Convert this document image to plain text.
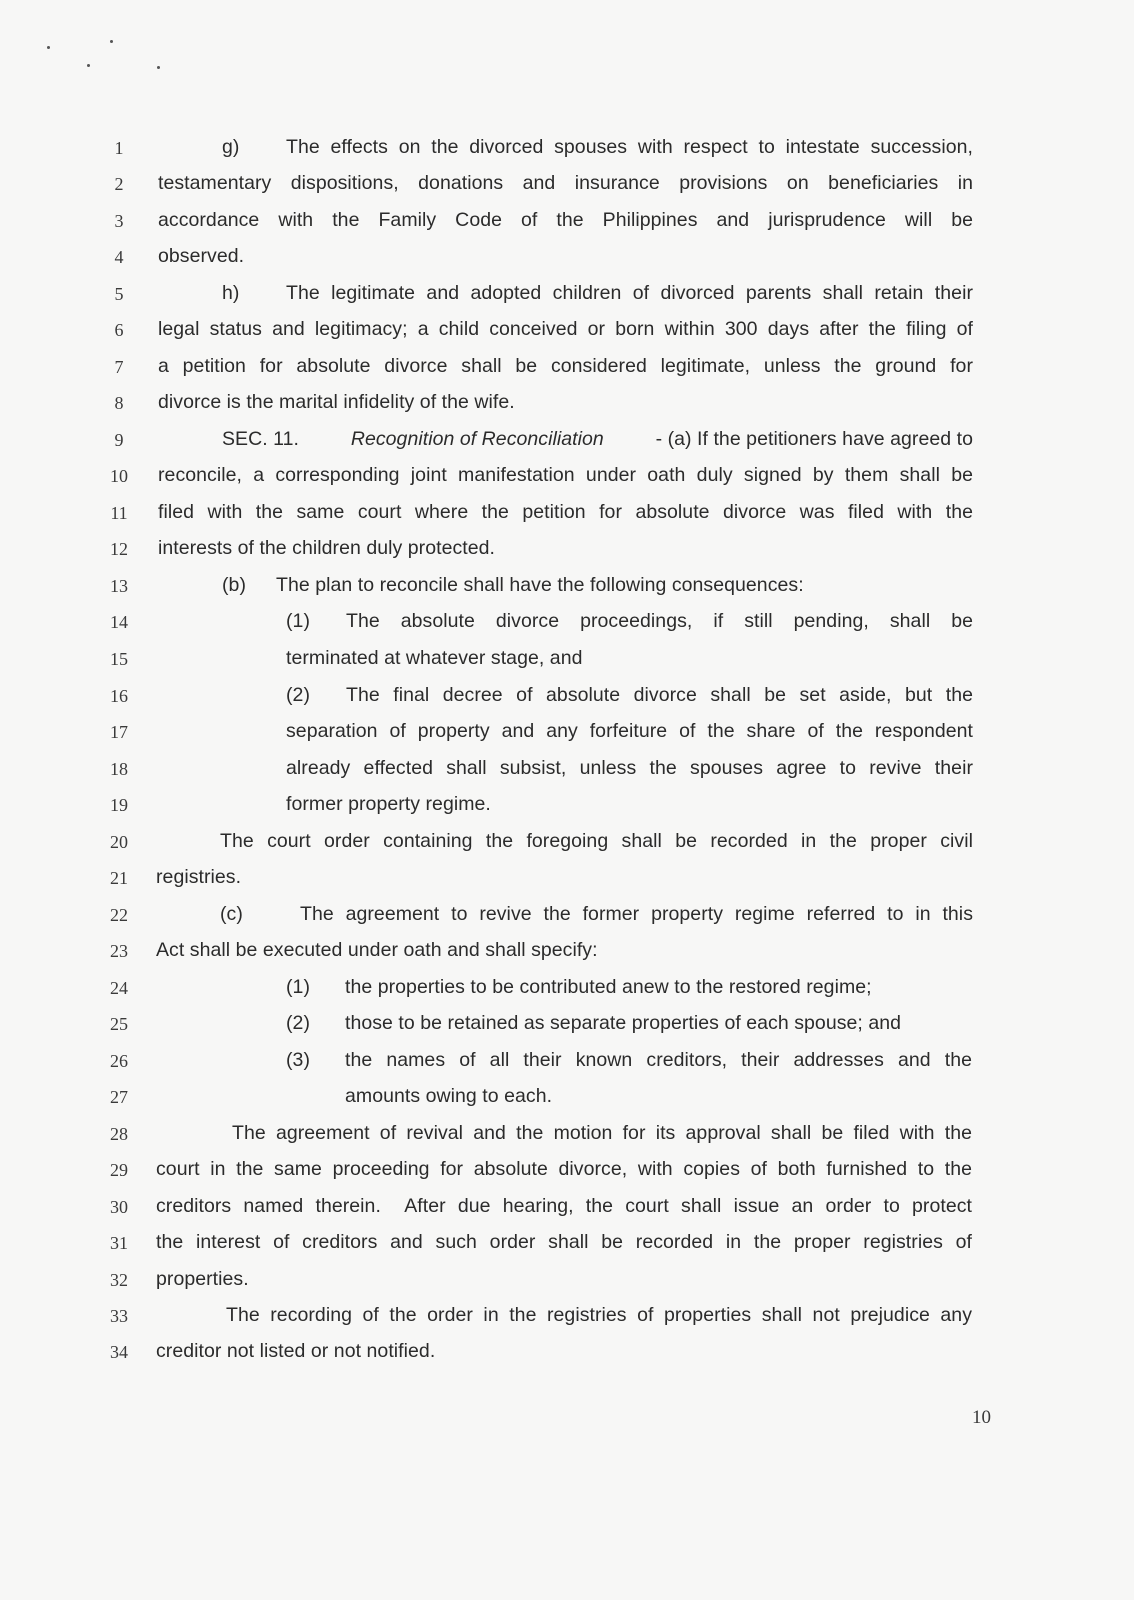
1
2
3
4
5
6
7
8
9
10
11
12
13
14
15
16
17
18
19
20
21
22
23
24
25
26
27
28
29
30
31
32
33
34
g) The effects on the divorced spouses with respect to intestate succession,
testamentary dispositions, donations and insurance provisions on beneficiaries in
accordance with the Family Code of the Philippines and jurisprudence will be
observed.
h) The legitimate and adopted children of divorced parents shall retain their
legal status and legitimacy; a child conceived or born within 300 days after the filing of
a petition for absolute divorce shall be considered legitimate, unless the ground for
divorce is the marital infidelity of the wife.
SEC. 11.	Recognition of Reconciliation	- (a) If the petitioners have agreed to
reconcile, a corresponding joint manifestation under oath duly signed by them shall be
filed with the same court where the petition for absolute divorce was filed with the
interests of the children duly protected.
(b) The plan to reconcile shall have the following consequences:
(1) The absolute divorce proceedings, if still pending, shall be
terminated at whatever stage, and
(2) The final decree of absolute divorce shall be set aside, but the
separation of property and any forfeiture of the share of the respondent
already effected shall subsist, unless the spouses agree to revive their
former property regime.
The court order containing the foregoing shall be recorded in the proper civil
registries.
(c)	The agreement to revive the former property regime referred to in this
Act shall be executed under oath and shall specify:
(1) the properties to be contributed anew to the restored regime;
(2) those to be retained as separate properties of each spouse; and
(3) the names of all their known creditors, their addresses and the
amounts owing to each.
The agreement of revival and the motion for its approval shall be filed with the
court in the same proceeding for absolute divorce, with copies of both furnished to the
creditors named therein.  After due hearing, the court shall issue an order to protect
the interest of creditors and such order shall be recorded in the proper registries of
properties.
The recording of the order in the registries of properties shall not prejudice any
creditor not listed or not notified.
10
